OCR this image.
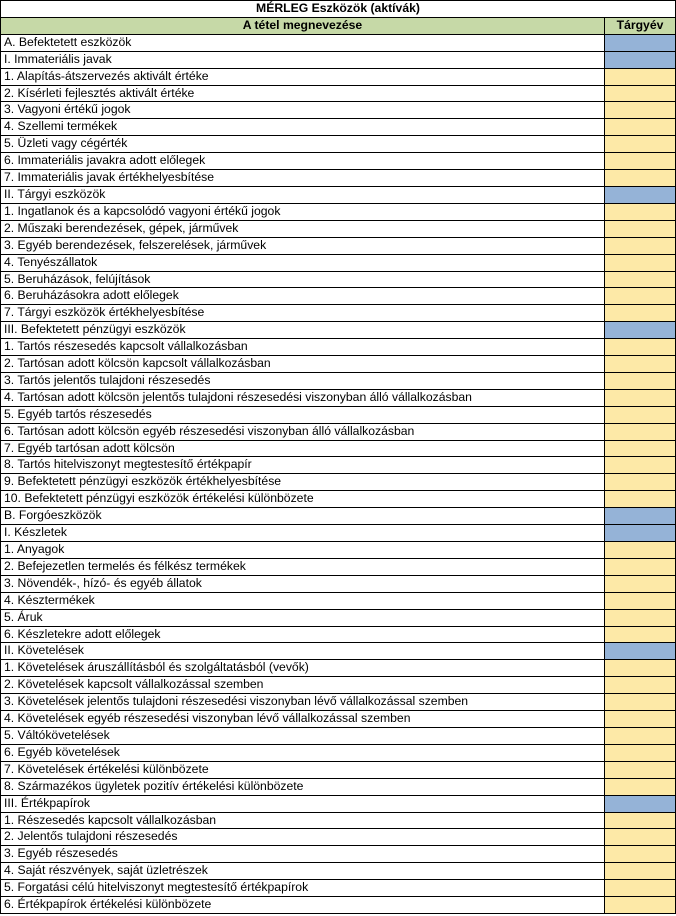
MÉRLEG Eszközök (aktívák)	
A tétel megnevezése	Tárgyév
A. Befektetett eszközök	
I. Immateriális javak	
1. Alapítás-átszervezés aktivált értéke	
2. Kísérleti fejlesztés aktivált értéke	
3. Vagyoni értékű jogok	
4. Szellemi termékek	
5. Üzleti vagy cégérték	
6. Immateriális javakra adott előlegek	
7. Immateriális javak értékhelyesbítése	
II. Tárgyi eszközök	
1. Ingatlanok és a kapcsolódó vagyoni értékű jogok	
2. Műszaki berendezések, gépek, járművek	
3. Egyéb berendezések, felszerelések, járművek	
4. Tenyészállatok	
5. Beruházások, felújítások	
6. Beruházásokra adott előlegek	
7. Tárgyi eszközök értékhelyesbítése	
III. Befektetett pénzügyi eszközök	
1. Tartós részesedés kapcsolt vállalkozásban	
2. Tartósan adott kölcsön kapcsolt vállalkozásban	
3. Tartós jelentős tulajdoni részesedés	
4. Tartósan adott kölcsön jelentős tulajdoni részesedési viszonyban álló vállalkozásban	
5. Egyéb tartós részesedés	
6. Tartósan adott kölcsön egyéb részesedési viszonyban álló vállalkozásban	
7. Egyéb tartósan adott kölcsön	
8. Tartós hitelviszonyt megtestesítő értékpapír	
9. Befektetett pénzügyi eszközök értékhelyesbítése	
10. Befektetett pénzügyi eszközök értékelési különbözete	
B. Forgóeszközök	
I. Készletek	
1. Anyagok	
2. Befejezetlen termelés és félkész termékek	
3. Növendék-, hízó- és egyéb állatok	
4. Késztermékek	
5. Áruk	
6. Készletekre adott előlegek	
II. Követelések	
1. Követelések áruszállításból és szolgáltatásból (vevők)	
2. Követelések kapcsolt vállalkozással szemben	
3. Követelések jelentős tulajdoni részesedési viszonyban lévő vállalkozással szemben	
4. Követelések egyéb részesedési viszonyban lévő vállalkozással szemben	
5. Váltókövetelések	
6. Egyéb követelések	
7. Követelések értékelési különbözete	
8. Származékos ügyletek pozitív értékelési különbözete	
III. Értékpapírok	
1. Részesedés kapcsolt vállalkozásban	
2. Jelentős tulajdoni részesedés	
3. Egyéb részesedés	
4. Saját részvények, saját üzletrészek	
5. Forgatási célú hitelviszonyt megtestesítő értékpapírok	
6. Értékpapírok értékelési különbözete	
